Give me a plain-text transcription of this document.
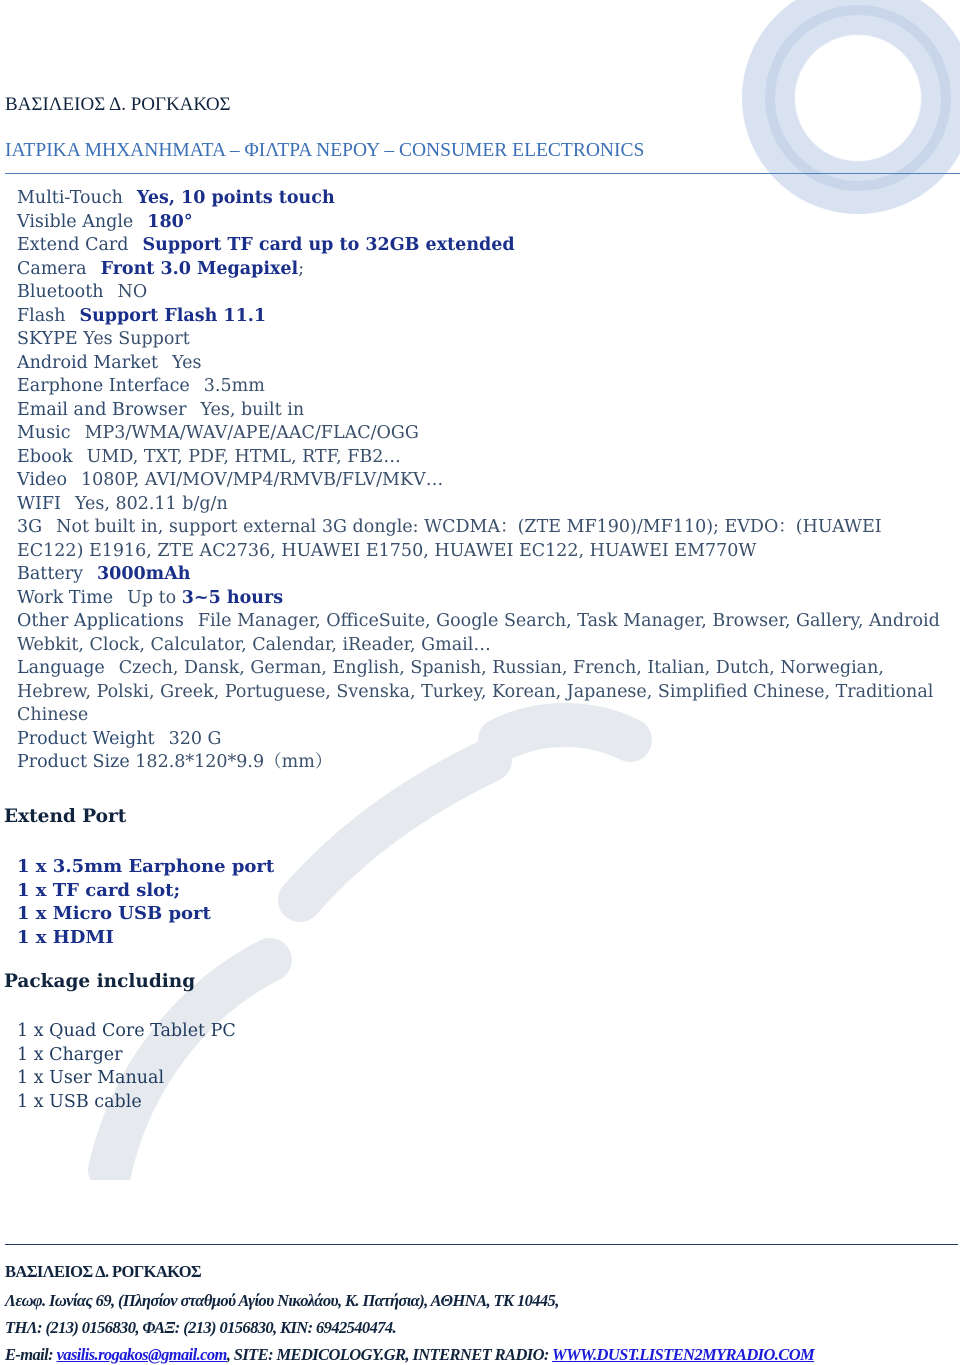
ΒΑΣΙΛΕΙΟΣ Δ. ΡΟΓΚΑΚΟΣ
ΙΑΤΡΙΚΑ ΜΗΧΑΝΗΜΑΤΑ – ΦΙΛΤΡΑ ΝΕΡΟΥ – CONSUMER ELECTRONICS
Multi-Touch Yes, 10 points touch
Visible Angle 180°
Extend Card Support TF card up to 32GB extended
Camera Front 3.0 Megapixel;
Bluetooth NO
Flash Support Flash 11.1
SKYPE Yes Support
Android Market Yes
Earphone Interface 3.5mm
Email and Browser Yes, built in
Music MP3/WMA/WAV/APE/AAC/FLAC/OGG
Ebook UMD, TXT, PDF, HTML, RTF, FB2…
Video 1080P, AVI/MOV/MP4/RMVB/FLV/MKV…
WIFI Yes, 802.11 b/g/n
3G Not built in, support external 3G dongle: WCDMA：(ZTE MF190)/MF110); EVDO：(HUAWEI EC122) E1916, ZTE AC2736, HUAWEI E1750, HUAWEI EC122, HUAWEI EM770W
Battery 3000mAh
Work Time Up to 3~5 hours
Other Applications File Manager, OfficeSuite, Google Search, Task Manager, Browser, Gallery, Android Webkit, Clock, Calculator, Calendar, iReader, Gmail…
Language Czech, Dansk, German, English, Spanish, Russian, French, Italian, Dutch, Norwegian, Hebrew, Polski, Greek, Portuguese, Svenska, Turkey, Korean, Japanese, Simplified Chinese, Traditional Chinese
Product Weight 320 G
Product Size 182.8*120*9.9（mm）
Extend Port
1 x 3.5mm Earphone port
1 x TF card slot;
1 x Micro USB port
1 x HDMI
Package including
1 x Quad Core Tablet PC
1 x Charger
1 x User Manual
1 x USB cable
ΒΑΣΙΛΕΙΟΣ Δ. ΡΟΓΚΑΚΟΣ
Λεωφ. Ιωνίας 69, (Πλησίον σταθμού Αγίου Νικολάου, Κ. Πατήσια), ΑΘΗΝΑ, ΤΚ 10445,
ΤΗΛ: (213) 0156830, ΦΑΞ: (213) 0156830, ΚΙΝ: 6942540474.
E-mail: vasilis.rogakos@gmail.com, SITE: MEDICOLOGY.GR, INTERNET RADIO: WWW.DUST.LISTEN2MYRADIO.COM
